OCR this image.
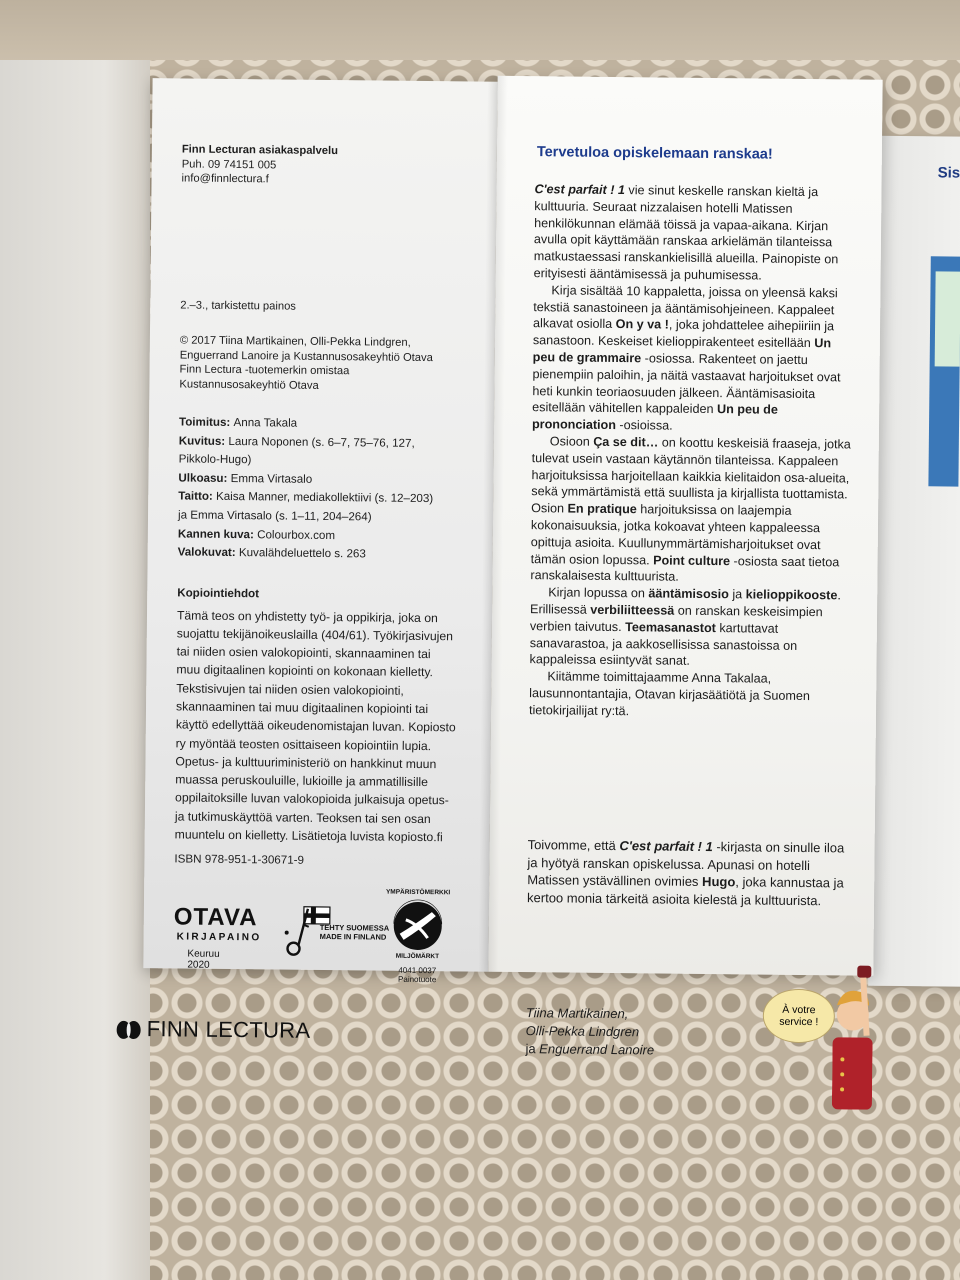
Sis
Finn Lecturan asiakaspalvelu
Puh. 09 74151 005
info@finnlectura.f
2.–3., tarkistettu painos
© 2017 Tiina Martikainen, Olli-Pekka Lindgren,
Enguerrand Lanoire ja Kustannusosakeyhtiö Otava
Finn Lectura -tuotemerkin omistaa
Kustannusosakeyhtiö Otava
Toimitus: Anna Takala
Kuvitus: Laura Noponen (s. 6–7, 75–76, 127,
Pikkolo-Hugo)
Ulkoasu: Emma Virtasalo
Taitto: Kaisa Manner, mediakollektiivi (s. 12–203)
ja Emma Virtasalo (s. 1–11, 204–264)
Kannen kuva: Colourbox.com
Valokuvat: Kuvalähdeluettelo s. 263
Kopiointiehdot
Tämä teos on yhdistetty työ- ja oppikirja, joka on
suojattu tekijänoikeuslailla (404/61). Työkirjasivujen
tai niiden osien valokopiointi, skannaaminen tai
muu digitaalinen kopiointi on kokonaan kielletty.
Tekstisivujen tai niiden osien valokopiointi,
skannaaminen tai muu digitaalinen kopiointi tai
käyttö edellyttää oikeudenomistajan luvan. Kopiosto
ry myöntää teosten osittaiseen kopiointiin lupia.
Opetus- ja kulttuuriministeriö on hankkinut muun
muassa peruskouluille, lukioille ja ammatillisille
oppilaitoksille luvan valokopioida julkaisuja opetus-
ja tutkimuskäyttöä varten. Teoksen tai sen osan
muuntelu on kielletty. Lisätietoja luvista kopiosto.fi
ISBN 978-951-1-30671-9
OTAVA
KIRJAPAINO
Keuruu 2020
TEHTY SUOMESSA
MADE IN FINLAND
YMPÄRISTÖMERKKI
MILJÖMÄRKT
4041 0037
Painotuote
FINN LECTURA
Tervetuloa opiskelemaan ranskaa!

C'est parfait ! 1 vie sinut keskelle ranskan kieltä ja kulttuuria. Seuraat nizzalaisen hotelli Matissen henkilökunnan elämää töissä ja vapaa-aikana. Kirjan avulla opit käyttämään ranskaa arkielämän tilanteissa matkustaessasi ranskankielisillä alueilla. Painopiste on erityisesti ääntämisessä ja puhumisessa.

Kirja sisältää 10 kappaletta, joissa on yleensä kaksi tekstiä sanastoineen ja ääntämisohjeineen. Kappaleet alkavat osiolla On y va !, joka johdattelee aihepiiriin ja sanastoon. Keskeiset kielioppirakenteet esitellään Un peu de grammaire -osiossa. Rakenteet on jaettu pienempiin paloihin, ja näitä vastaavat harjoitukset ovat heti kunkin teoriaosuuden jälkeen. Ääntämisasioita esitellään vähitellen kappaleiden Un peu de prononciation -osioissa.

Osioon Ça se dit… on koottu keskeisiä fraaseja, jotka tulevat usein vastaan käytännön tilanteissa. Kappaleen harjoituksissa harjoitellaan kaikkia kielitaidon osa-alueita, sekä ymmärtämistä että suullista ja kirjallista tuottamista. Osion En pratique harjoituksissa on laajempia kokonaisuuksia, jotka kokoavat yhteen kappaleessa opittuja asioita. Kuullunymmärtämisharjoitukset ovat tämän osion lopussa. Point culture -osiosta saat tietoa ranskalaisesta kulttuurista.

Kirjan lopussa on ääntämisosio ja kielioppikooste. Erillisessä verbiliitteessä on ranskan keskeisimpien verbien taivutus. Teemasanastot kartuttavat sanavarastoa, ja aakkosellisissa sanastoissa on kappaleissa esiintyvät sanat.

Kiitämme toimittajaamme Anna Takalaa, lausunnontantajia, Otavan kirjasäätiötä ja Suomen tietokirjailijat ry:tä.

Toivomme, että C'est parfait ! 1 -kirjasta on sinulle iloa ja hyötyä ranskan opiskelussa. Apunasi on hotelli Matissen ystävällinen ovimies Hugo, joka kannustaa ja kertoo monia tärkeitä asioita kielestä ja kulttuurista.

Tiina Martikainen,
Olli-Pekka Lindgren
ja Enguerrand Lanoire
À votre
service !
